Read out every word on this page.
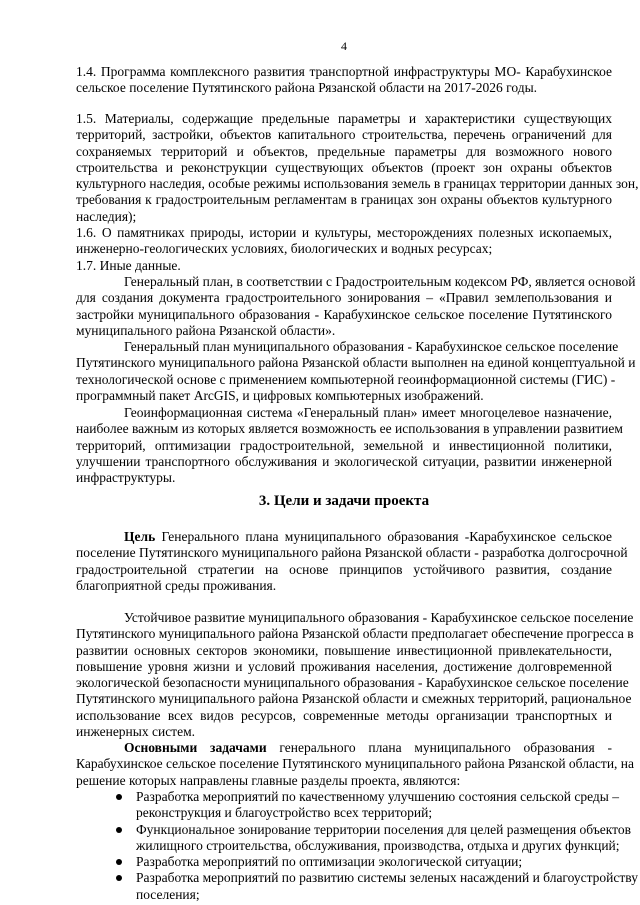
4
1.4. Программа комплексного развития транспортной инфраструктуры МО- Карабухинское
сельское поселение Путятинского района Рязанской области на 2017-2026 годы.
1.5. Материалы, содержащие предельные параметры и характеристики существующих
территорий, застройки, объектов капитального строительства, перечень ограничений для
сохраняемых территорий и объектов, предельные параметры для возможного нового
строительства и реконструкции существующих объектов (проект зон охраны объектов
культурного наследия, особые режимы использования земель в границах территории данных зон,
требования к градостроительным регламентам в границах зон охраны объектов культурного
наследия);
1.6. О памятниках природы, истории и культуры, месторождениях полезных ископаемых,
инженерно-геологических условиях, биологических и водных ресурсах;
1.7. Иные данные.
Генеральный план, в соответствии с Градостроительным кодексом РФ, является основой
для создания документа градостроительного зонирования – «Правил землепользования и
застройки муниципального образования - Карабухинское сельское поселение Путятинского
муниципального района Рязанской области».
Генеральный план муниципального образования - Карабухинское сельское поселение
Путятинского муниципального района Рязанской области выполнен на единой концептуальной и
технологической основе с применением компьютерной геоинформационной системы (ГИС) -
программный пакет ArcGIS, и цифровых компьютерных изображений.
Геоинформационная система «Генеральный план» имеет многоцелевое назначение,
наиболее важным из которых является возможность ее использования в управлении развитием
территорий, оптимизации градостроительной, земельной и инвестиционной политики,
улучшении транспортного обслуживания и экологической ситуации, развитии инженерной
инфраструктуры.
3. Цели и задачи проекта
Цель Генерального плана муниципального образования -Карабухинское сельское
поселение Путятинского муниципального района Рязанской области - разработка долгосрочной
градостроительной стратегии на основе принципов устойчивого развития, создание
благоприятной среды проживания.
Устойчивое развитие муниципального образования - Карабухинское сельское поселение
Путятинского муниципального района Рязанской области предполагает обеспечение прогресса в
развитии основных секторов экономики, повышение инвестиционной привлекательности,
повышение уровня жизни и условий проживания населения, достижение долговременной
экологической безопасности муниципального образования - Карабухинское сельское поселение
Путятинского муниципального района Рязанской области и смежных территорий, рациональное
использование всех видов ресурсов, современные методы организации транспортных и
инженерных систем.
Основными задачами генерального плана муниципального образования -
Карабухинское сельское поселение Путятинского муниципального района Рязанской области, на
решение которых направлены главные разделы проекта, являются:
Разработка мероприятий по качественному улучшению состояния сельской среды –
реконструкция и благоустройство всех территорий;
Функциональное зонирование территории поселения для целей размещения объектов
жилищного строительства, обслуживания, производства, отдыха и других функций;
Разработка мероприятий по оптимизации экологической ситуации;
Разработка мероприятий по развитию системы зеленых насаждений и благоустройству
поселения;
